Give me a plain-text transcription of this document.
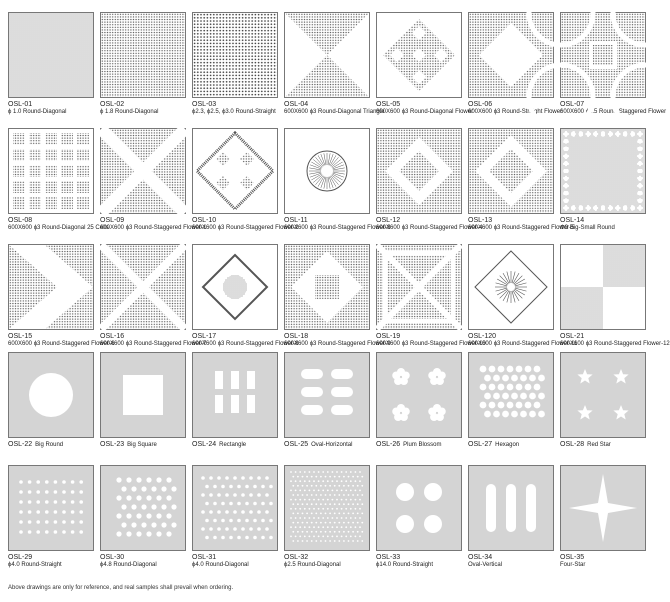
OSL-01
ϕ 1.0 Round-Diagonal
OSL-02
ϕ 1.8 Round-Diagonal
OSL-03
ϕ2.3, ϕ2.5, ϕ3.0 Round-Straight
OSL-04
600X600 ϕ3 Round-Diagonal Triangle
OSL-05
600X600 ϕ3 Round-Diagonal Flower
OSL-06
600X600 ϕ3 Round-Straight Flower
OSL-07
600X600 ϕ2.5 Round-Staggered Flower
OSL-08
600X600 ϕ3 Round-Diagonal 25 Cells
OSL-09
600X600 ϕ3 Round-Staggered Flower-1
OSL-10
600X600 ϕ3 Round-Staggered Flower-2
OSL-11
600X600 ϕ3 Round-Staggered Flower-3
OSL-12
600X600 ϕ3 Round-Staggered Flower-4
OSL-13
600X600 ϕ3 Round-Staggered Flower-5
OSL-14
Φ9 Big-Small Round
OSL-15
600X600 ϕ3 Round-Staggered Flower-6
OSL-16
600X600 ϕ3 Round-Staggered Flower-7
OSL-17
600X600 ϕ3 Round-Staggered Flower-8
OSL-18
600X600 ϕ3 Round-Staggered Flower-9
OSL-19
600X600 ϕ3 Round-Staggered Flower-10
OSL-120
600X600 ϕ3 Round-Staggered Flower-11
OSL-21
600X600 ϕ3 Round-Staggered Flower-12
OSL-22 Big Round	OSL-23 Big Square	OSL-24 Rectangle	OSL-25 Oval-Horizontal	OSL-26 Plum Blossom	OSL-27 Hexagon	OSL-28 Red Star
OSL-29
ϕ4.0 Round-Straight
OSL-30
ϕ4.8 Round-Diagonal
OSL-31
ϕ4.0 Round-Diagonal
OSL-32
ϕ2.5 Round-Diagonal
OSL-33
ϕ14.0 Round-Straight
OSL-34
Oval-Vertical
OSL-35
Four-Star
Above drawings are only for reference, and real samples shall prevail when ordering.
